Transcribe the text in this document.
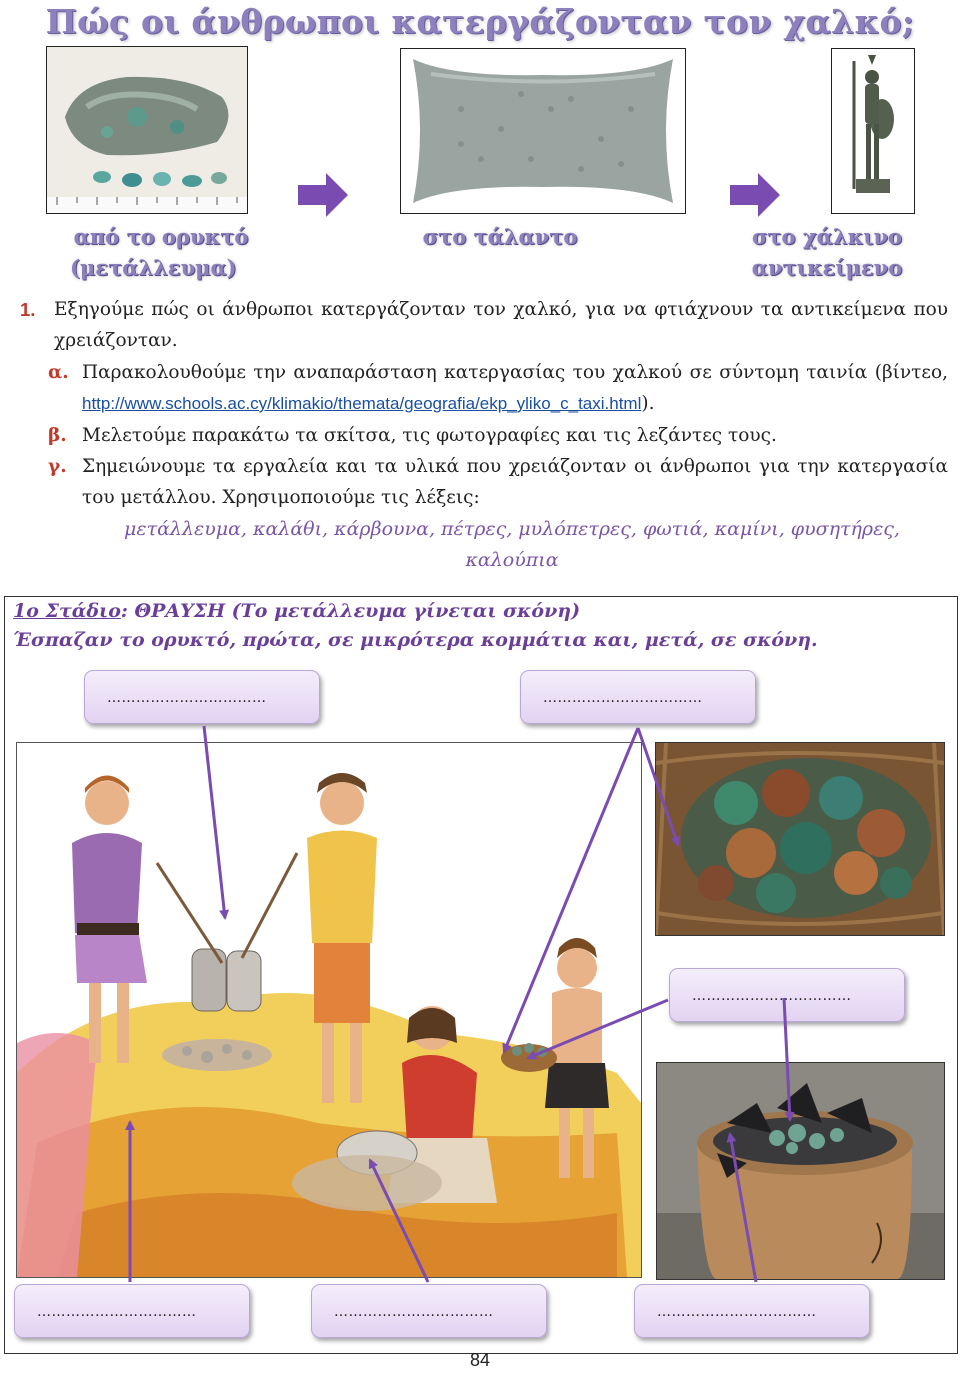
Πώς οι άνθρωποι κατεργάζονταν τον χαλκό;
από το ορυκτό
(μετάλλευμα)
στο τάλαντο	στο χάλκινο
αντικείμενο
1.	Εξηγούμε πώς οι άνθρωποι κατεργάζονταν τον χαλκό, για να φτιάχνουν τα αντικείμενα που χρειάζονταν.
α. Παρακολουθούμε την αναπαράσταση κατεργασίας του χαλκού σε σύντομη ταινία (βίντεο, http://www.schools.ac.cy/klimakio/themata/geografia/ekp_yliko_c_taxi.html).
β. Μελετούμε παρακάτω τα σκίτσα, τις φωτογραφίες και τις λεζάντες τους.
γ. Σημειώνουμε τα εργαλεία και τα υλικά που χρειάζονταν οι άνθρωποι για την κατεργασία του μετάλλου. Χρησιμοποιούμε τις λέξεις:
μετάλλευμα, καλάθι, κάρβουνα, πέτρες, μυλόπετρες, φωτιά, καμίνι, φυσητήρες,
καλούπια
1ο Στάδιο: ΘΡΑΥΣΗ (Το μετάλλευμα γίνεται σκόνη)
Έσπαζαν το ορυκτό, πρώτα, σε μικρότερα κομμάτια και, μετά, σε σκόνη.
……………………………	……………………………
……………………………
……………………………	……………………………	……………………………
84
